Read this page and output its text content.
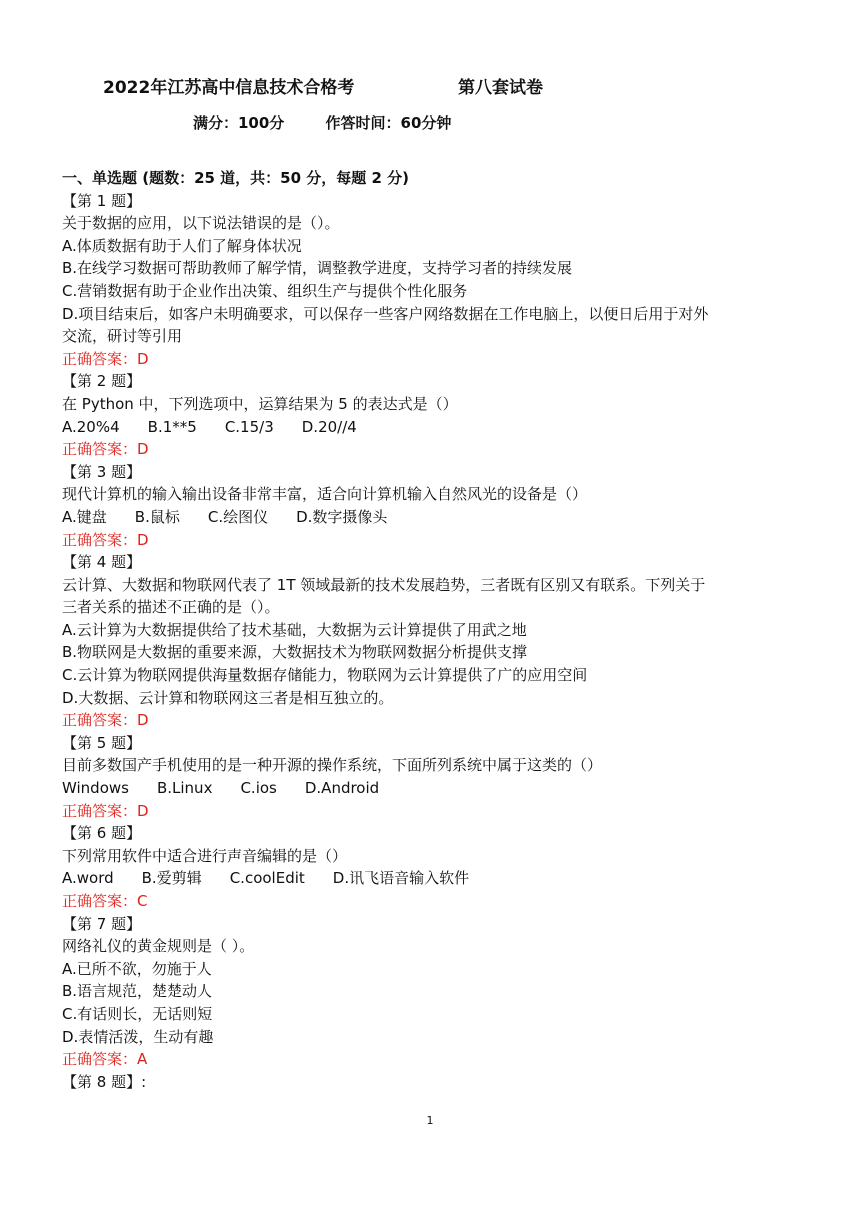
2022年江苏高中信息技术合格考	第八套试卷
满分：100分	作答时间：60分钟
一、单选题 (题数：25 道，共：50 分，每题 2 分)
【第 1 题】
关于数据的应用，以下说法错误的是（）。
A.体质数据有助于人们了解身体状况
B.在线学习数据可帮助教师了解学情，调整教学进度，支持学习者的持续发展
C.营销数据有助于企业作出决策、组织生产与提供个性化服务
D.项目结束后，如客户未明确要求，可以保存一些客户网络数据在工作电脑上，以便日后用于对外
交流，研讨等引用
正确答案：D
【第 2 题】
在 Python 中，下列选项中，运算结果为 5 的表达式是（）
A.20%4 B.1**5 C.15/3 D.20//4
正确答案：D
【第 3 题】
现代计算机的输入输出设备非常丰富，适合向计算机输入自然风光的设备是（）
A.键盘 B.鼠标 C.绘图仪 D.数字摄像头
正确答案：D
【第 4 题】
云计算、大数据和物联网代表了 1T 领域最新的技术发展趋势，三者既有区别又有联系。下列关于
三者关系的描述不正确的是（）。
A.云计算为大数据提供给了技术基础，大数据为云计算提供了用武之地
B.物联网是大数据的重要来源，大数据技术为物联网数据分析提供支撑
C.云计算为物联网提供海量数据存储能力，物联网为云计算提供了广的应用空间
D.大数据、云计算和物联网这三者是相互独立的。
正确答案：D
【第 5 题】
目前多数国产手机使用的是一种开源的操作系统，下面所列系统中属于这类的（）
Windows B.Linux C.ios D.Android
正确答案：D
【第 6 题】
下列常用软件中适合进行声音编辑的是（）
A.word B.爱剪辑 C.coolEdit D.讯飞语音输入软件
正确答案：C
【第 7 题】
网络礼仪的黄金规则是（ ）。
A.已所不欲，勿施于人
B.语言规范，楚楚动人
C.有话则长，无话则短
D.表情活泼，生动有趣
正确答案：A
【第 8 题】:
1
